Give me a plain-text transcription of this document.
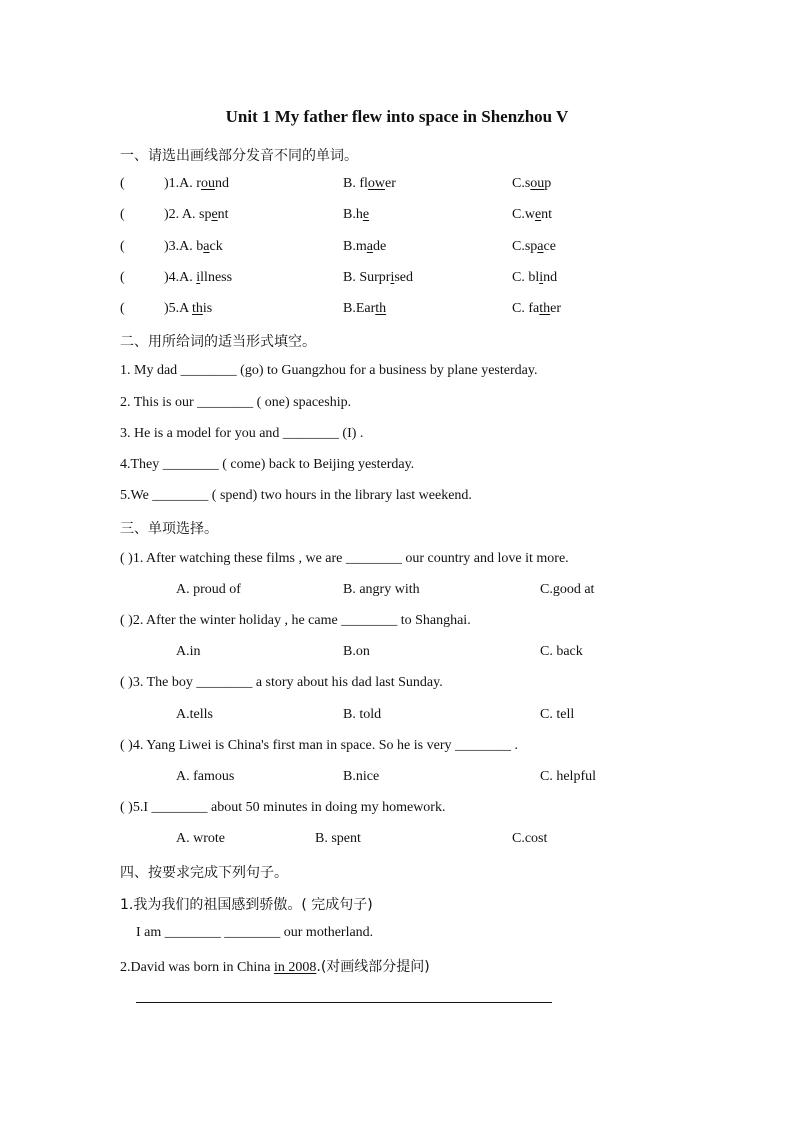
Unit 1 My father flew into space in Shenzhou V
一、请选出画线部分发音不同的单词。
(	)1.A. round	B. flower	C.soup
(	)2. A. spent	B.he	C.went
(	)3.A. back	B.made	C.space
(	)4.A. illness	B. Surprised	C. blind
(	)5.A this	B.Earth	C. father
二、用所给词的适当形式填空。
1. My dad ________ (go) to Guangzhou for a business by plane yesterday.
2. This is our ________ ( one) spaceship.
3. He is a model for you and ________ (I) .
4.They ________ ( come) back to Beijing yesterday.
5.We ________ ( spend) two hours in the library last weekend.
三、单项选择。
( )1. After watching these films , we are ________ our country and love it more.
A. proud of	B. angry with	C.good at
( )2. After the winter holiday , he came ________ to Shanghai.
A.in	B.on	C. back
( )3. The boy ________ a story about his dad last Sunday.
A.tells	B. told	C. tell
( )4. Yang Liwei is China's first man in space. So he is very ________ .
A. famous	B.nice	C. helpful
( )5.I ________ about 50 minutes in doing my homework.
A. wrote	B. spent	C.cost
四、按要求完成下列句子。
1.我为我们的祖国感到骄傲。( 完成句子)
I am ________ ________ our motherland.
2.David was born in China in 2008.(对画线部分提问)
